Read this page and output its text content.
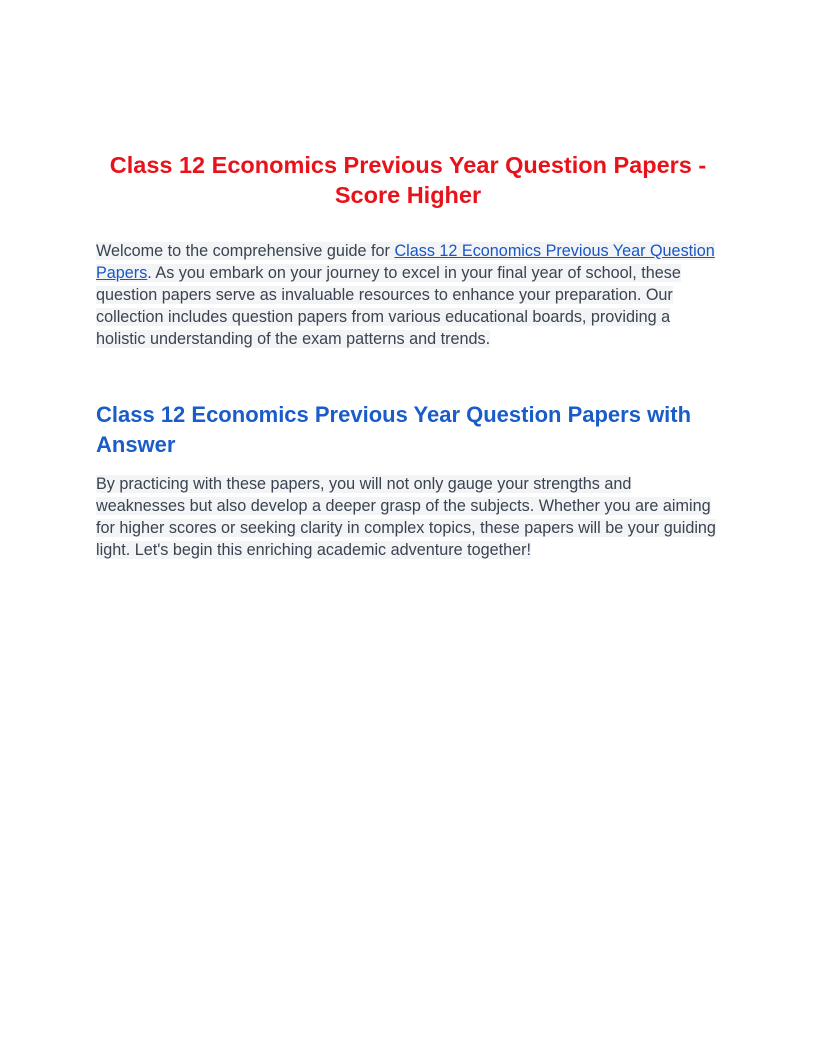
Class 12 Economics Previous Year Question Papers - Score Higher

Welcome to the comprehensive guide for Class 12 Economics Previous Year Question Papers. As you embark on your journey to excel in your final year of school, these question papers serve as invaluable resources to enhance your preparation. Our collection includes question papers from various educational boards, providing a holistic understanding of the exam patterns and trends.

Class 12 Economics Previous Year Question Papers with Answer

By practicing with these papers, you will not only gauge your strengths and weaknesses but also develop a deeper grasp of the subjects. Whether you are aiming for higher scores or seeking clarity in complex topics, these papers will be your guiding light. Let's begin this enriching academic adventure together!
